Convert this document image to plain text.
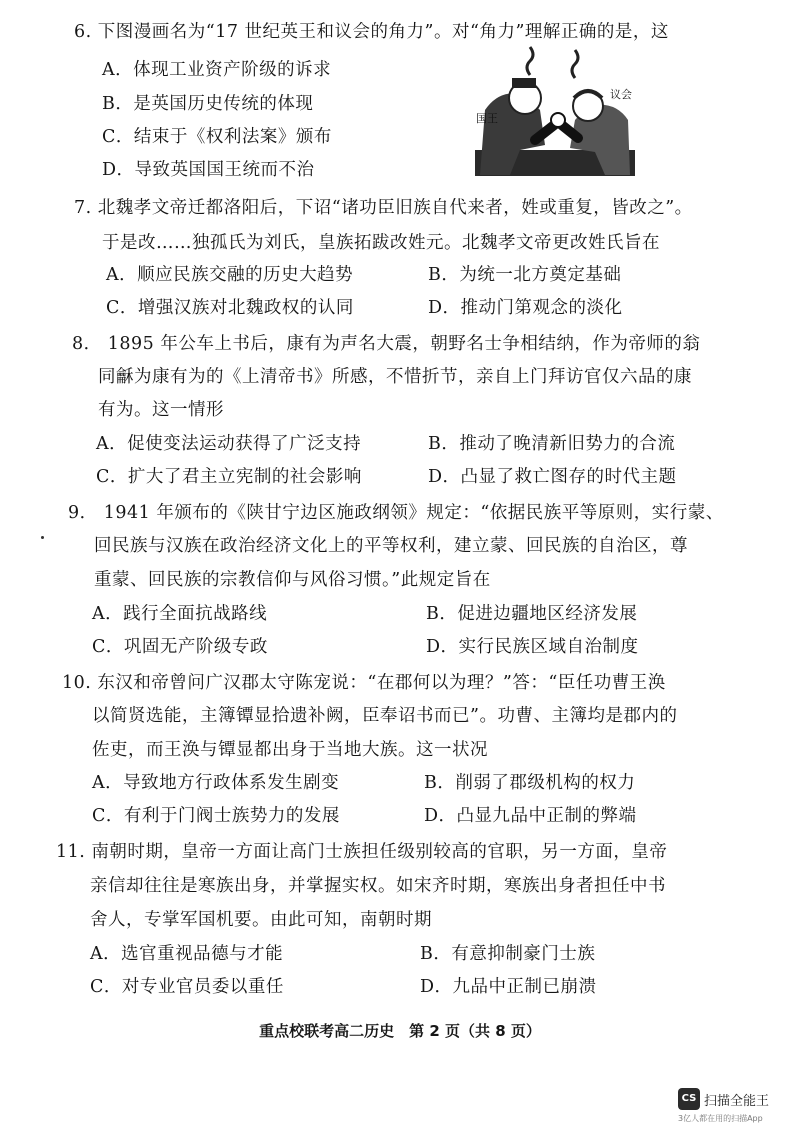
6. 下图漫画名为“17 世纪英王和议会的角力”。对“角力”理解正确的是，这
A．体现工业资产阶级的诉求
B．是英国历史传统的体现
C．结束于《权利法案》颁布
D．导致英国国王统而不治
国王
议会
7. 北魏孝文帝迁都洛阳后，下诏“诸功臣旧族自代来者，姓或重复，皆改之”。
于是改……独孤氏为刘氏，皇族拓跋改姓元。北魏孝文帝更改姓氏旨在
A．顺应民族交融的历史大趋势	B．为统一北方奠定基础
C．增强汉族对北魏政权的认同	D．推动门第观念的淡化
8． 1895 年公车上书后，康有为声名大震，朝野名士争相结纳，作为帝师的翁
同龢为康有为的《上清帝书》所感，不惜折节，亲自上门拜访官仅六品的康
有为。这一情形
A．促使变法运动获得了广泛支持	B．推动了晚清新旧势力的合流
C．扩大了君主立宪制的社会影响	D．凸显了救亡图存的时代主题
9． 1941 年颁布的《陕甘宁边区施政纲领》规定：“依据民族平等原则，实行蒙、
回民族与汉族在政治经济文化上的平等权利，建立蒙、回民族的自治区，尊
重蒙、回民族的宗教信仰与风俗习惯。”此规定旨在
A．践行全面抗战路线	B．促进边疆地区经济发展
C．巩固无产阶级专政	D．实行民族区域自治制度
10. 东汉和帝曾问广汉郡太守陈宠说：“在郡何以为理？”答：“臣任功曹王涣
以简贤选能，主簿镡显拾遗补阙，臣奉诏书而已”。功曹、主簿均是郡内的
佐吏，而王涣与镡显都出身于当地大族。这一状况
A．导致地方行政体系发生剧变	B．削弱了郡级机构的权力
C．有利于门阀士族势力的发展	D．凸显九品中正制的弊端
11. 南朝时期，皇帝一方面让高门士族担任级别较高的官职，另一方面，皇帝
亲信却往往是寒族出身，并掌握实权。如宋齐时期，寒族出身者担任中书
舍人，专掌军国机要。由此可知，南朝时期
A．选官重视品德与才能	B．有意抑制豪门士族
C．对专业官员委以重任	D．九品中正制已崩溃
重点校联考高二历史　第 2 页（共 8 页）
CS 扫描全能王
3亿人都在用的扫描App
